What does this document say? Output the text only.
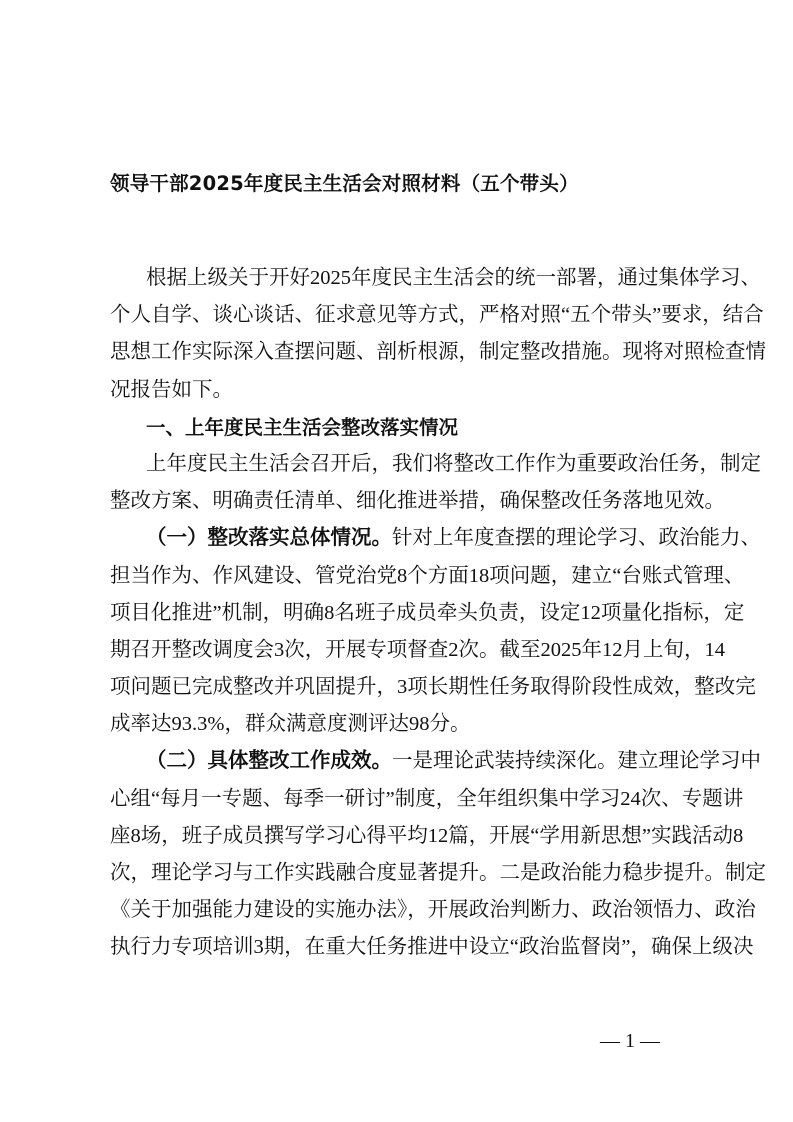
领导干部2025年度民主生活会对照材料（五个带头）
根据上级关于开好2025年度民主生活会的统一部署，通过集体学习、
个人自学、谈心谈话、征求意见等方式，严格对照“五个带头”要求，结合
思想工作实际深入查摆问题、剖析根源，制定整改措施。现将对照检查情
况报告如下。
一、上年度民主生活会整改落实情况
上年度民主生活会召开后，我们将整改工作作为重要政治任务，制定
整改方案、明确责任清单、细化推进举措，确保整改任务落地见效。
（一）整改落实总体情况。针对上年度查摆的理论学习、政治能力、
担当作为、作风建设、管党治党8个方面18项问题，建立“台账式管理、
项目化推进”机制，明确8名班子成员牵头负责，设定12项量化指标，定
期召开整改调度会3次，开展专项督查2次。截至2025年12月上旬，14
项问题已完成整改并巩固提升，3项长期性任务取得阶段性成效，整改完
成率达93.3%，群众满意度测评达98分。
（二）具体整改工作成效。一是理论武装持续深化。建立理论学习中
心组“每月一专题、每季一研讨”制度，全年组织集中学习24次、专题讲
座8场，班子成员撰写学习心得平均12篇，开展“学用新思想”实践活动8
次，理论学习与工作实践融合度显著提升。二是政治能力稳步提升。制定
《关于加强能力建设的实施办法》，开展政治判断力、政治领悟力、政治
执行力专项培训3期，在重大任务推进中设立“政治监督岗”，确保上级决
— 1 —
